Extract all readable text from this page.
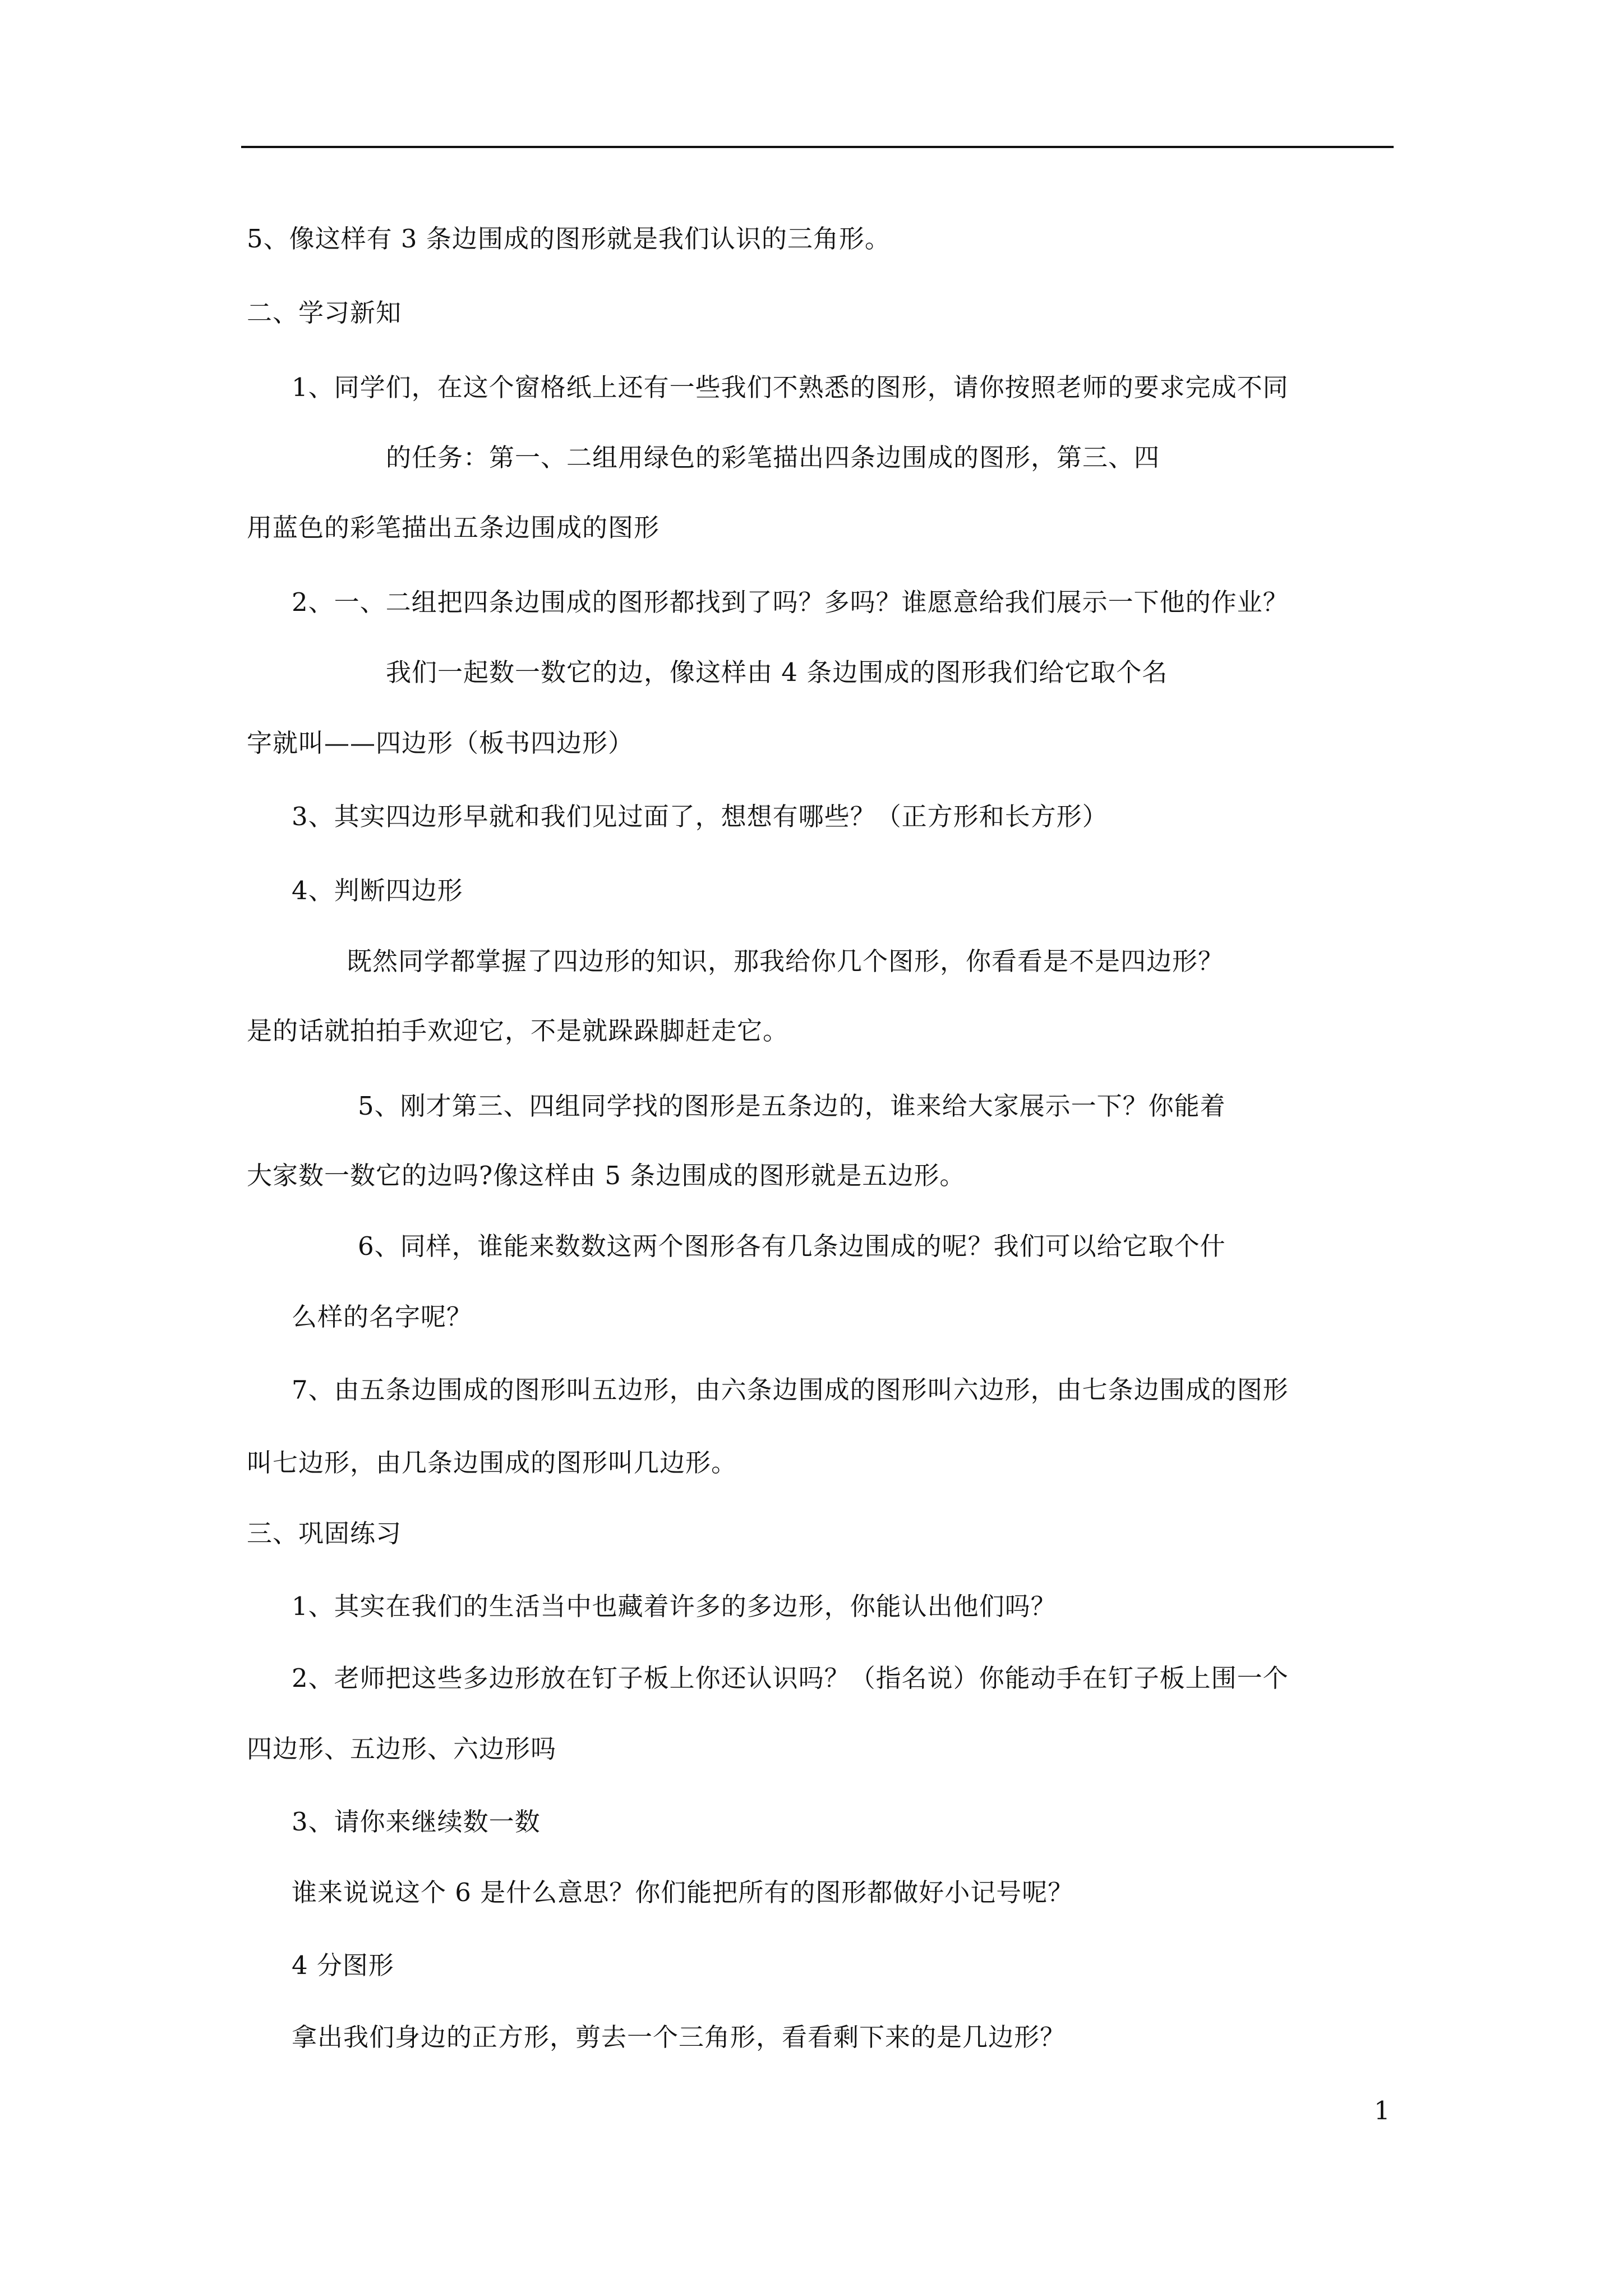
5、像这样有 3 条边围成的图形就是我们认识的三角形。
二、学习新知
1、同学们，在这个窗格纸上还有一些我们不熟悉的图形，请你按照老师的要求完成不同
的任务：第一、二组用绿色的彩笔描出四条边围成的图形，第三、四
用蓝色的彩笔描出五条边围成的图形
2、一、二组把四条边围成的图形都找到了吗？多吗？谁愿意给我们展示一下他的作业？
我们一起数一数它的边，像这样由 4 条边围成的图形我们给它取个名
字就叫——四边形（板书四边形）
3、其实四边形早就和我们见过面了，想想有哪些？（正方形和长方形）
4、判断四边形
既然同学都掌握了四边形的知识，那我给你几个图形，你看看是不是四边形？
是的话就拍拍手欢迎它，不是就跺跺脚赶走它。
5、刚才第三、四组同学找的图形是五条边的，谁来给大家展示一下？你能着
大家数一数它的边吗?像这样由 5 条边围成的图形就是五边形。
6、同样，谁能来数数这两个图形各有几条边围成的呢？我们可以给它取个什
么样的名字呢？
7、由五条边围成的图形叫五边形，由六条边围成的图形叫六边形，由七条边围成的图形
叫七边形，由几条边围成的图形叫几边形。
三、巩固练习
1、其实在我们的生活当中也藏着许多的多边形，你能认出他们吗？
2、老师把这些多边形放在钉子板上你还认识吗？（指名说）你能动手在钉子板上围一个
四边形、五边形、六边形吗
3、请你来继续数一数
谁来说说这个 6 是什么意思？你们能把所有的图形都做好小记号呢？
4 分图形
拿出我们身边的正方形，剪去一个三角形，看看剩下来的是几边形？
1
